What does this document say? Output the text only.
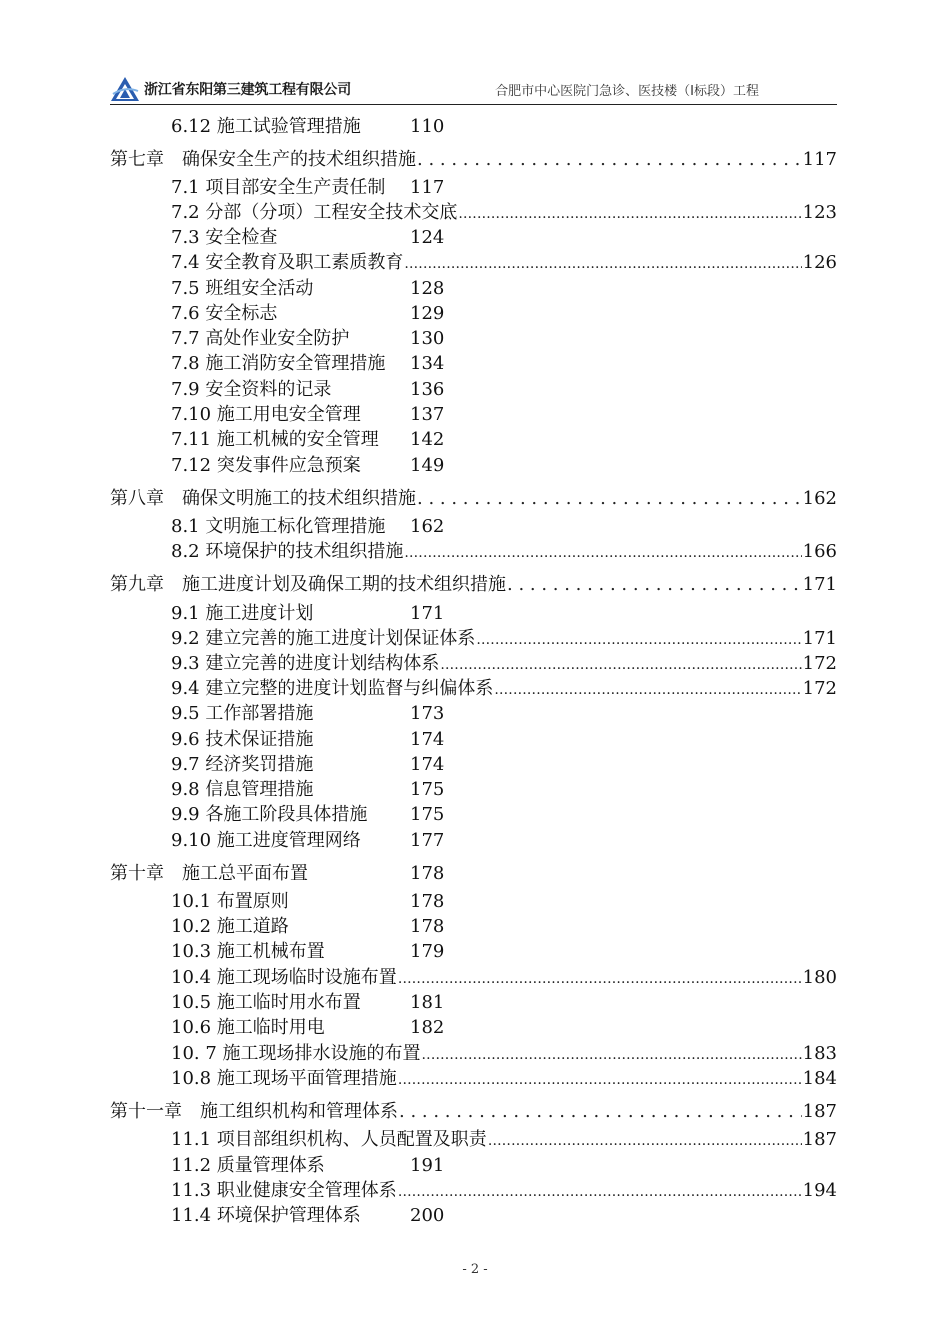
浙江省东阳第三建筑工程有限公司	合肥市中心医院门急诊、医技楼（Ⅰ标段）工程
6.12 施工试验管理措施	110
第七章　确保安全生产的技术组织措施 . . .	117
7.1 项目部安全生产责任制 117
7.2 分部（分项）工程安全技术交底 .....	123
7.3 安全检查	124
7.4 安全教育及职工素质教育 .....	126
7.5 班组安全活动	128
7.6 安全标志	129
7.7 高处作业安全防护	130
7.8 施工消防安全管理措施 134
7.9 安全资料的记录	136
7.10 施工用电安全管理	137
7.11 施工机械的安全管理 142
7.12 突发事件应急预案	149
第八章　确保文明施工的技术组织措施 . . .	162
8.1 文明施工标化管理措施 162
8.2 环境保护的技术组织措施 .....	166
第九章　施工进度计划及确保工期的技术组织措施 . . .	171
9.1 施工进度计划	171
9.2 建立完善的施工进度计划保证体系 .....	171
9.3 建立完善的进度计划结构体系 .....	172
9.4 建立完整的进度计划监督与纠偏体系 .....	172
9.5 工作部署措施	173
9.6 技术保证措施	174
9.7 经济奖罚措施	174
9.8 信息管理措施	175
9.9 各施工阶段具体措施 175
9.10 施工进度管理网络	177
第十章　施工总平面布置	178
10.1 布置原则	178
10.2 施工道路	178
10.3 施工机械布置	179
10.4 施工现场临时设施布置 .....	180
10.5 施工临时用水布置	181
10.6 施工临时用电	182
10. 7 施工现场排水设施的布置 .....	183
10.8 施工现场平面管理措施 .....	184
第十一章　施工组织机构和管理体系 . . .	187
11.1 项目部组织机构、人员配置及职责 .....	187
11.2 质量管理体系	191
11.3 职业健康安全管理体系 .....	194
11.4 环境保护管理体系	200
- 2 -
